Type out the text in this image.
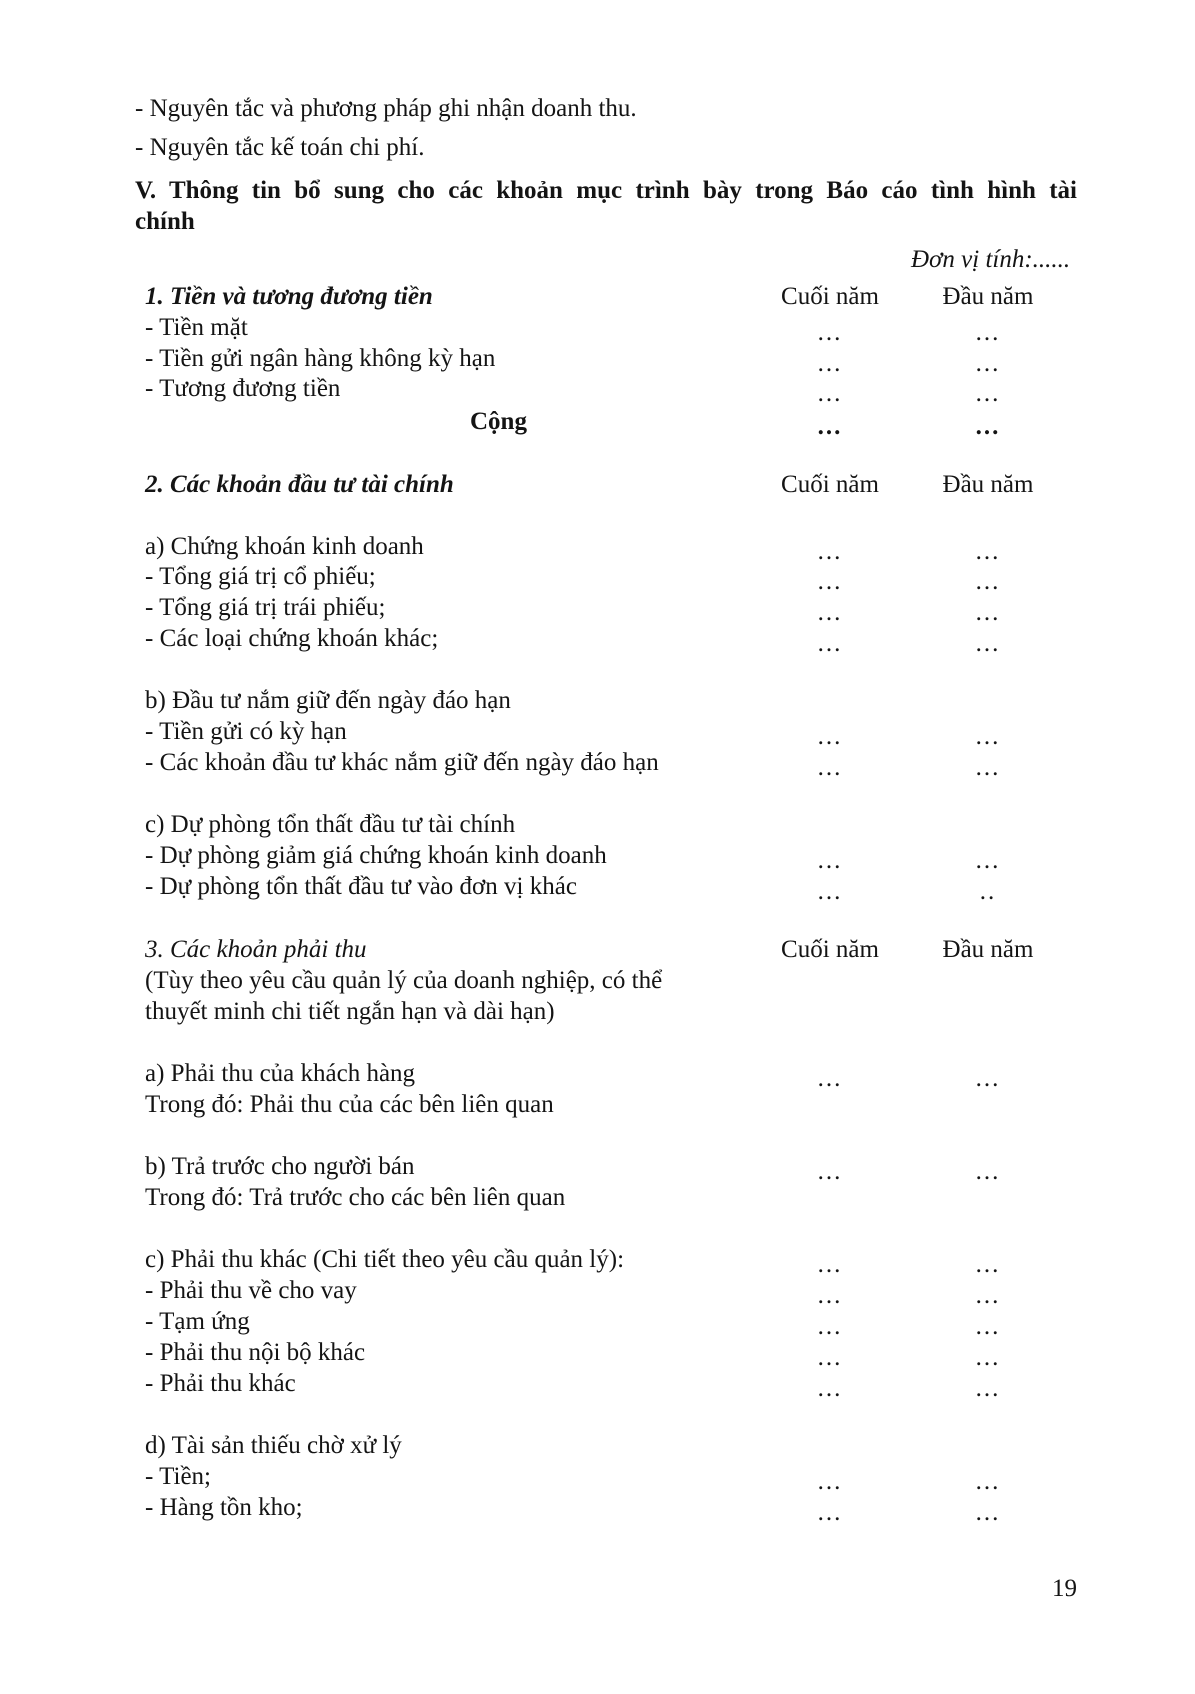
- Nguyên tắc và phương pháp ghi nhận doanh thu.
- Nguyên tắc kế toán chi phí.
V. Thông tin bổ sung cho các khoản mục trình bày trong Báo cáo tình hình tài
chính
Đơn vị tính:......
1. Tiền và tương đương tiền	Cuối năm	Đầu năm
- Tiền mặt	...	...
- Tiền gửi ngân hàng không kỳ hạn	...	...
- Tương đương tiền	...	...
Cộng	...	...
2. Các khoản đầu tư tài chính	Cuối năm	Đầu năm
a) Chứng khoán kinh doanh	...	...
- Tổng giá trị cổ phiếu;	...	...
- Tổng giá trị trái phiếu;	...	...
- Các loại chứng khoán khác;	...	...
b) Đầu tư nắm giữ đến ngày đáo hạn
- Tiền gửi có kỳ hạn	...	...
- Các khoản đầu tư khác nắm giữ đến ngày đáo hạn	...	...
c) Dự phòng tổn thất đầu tư tài chính
- Dự phòng giảm giá chứng khoán kinh doanh	...	...
- Dự phòng tổn thất đầu tư vào đơn vị khác	...	..
3. Các khoản phải thu	Cuối năm	Đầu năm
(Tùy theo yêu cầu quản lý của doanh nghiệp, có thể
thuyết minh chi tiết ngắn hạn và dài hạn)
a) Phải thu của khách hàng	...	...
Trong đó: Phải thu của các bên liên quan
b) Trả trước cho người bán	...	...
Trong đó: Trả trước cho các bên liên quan
c) Phải thu khác (Chi tiết theo yêu cầu quản lý):	...	...
- Phải thu về cho vay	...	...
- Tạm ứng	...	...
- Phải thu nội bộ khác	...	...
- Phải thu khác	...	...
d) Tài sản thiếu chờ xử lý
- Tiền;	...	...
- Hàng tồn kho;	...	...
19
